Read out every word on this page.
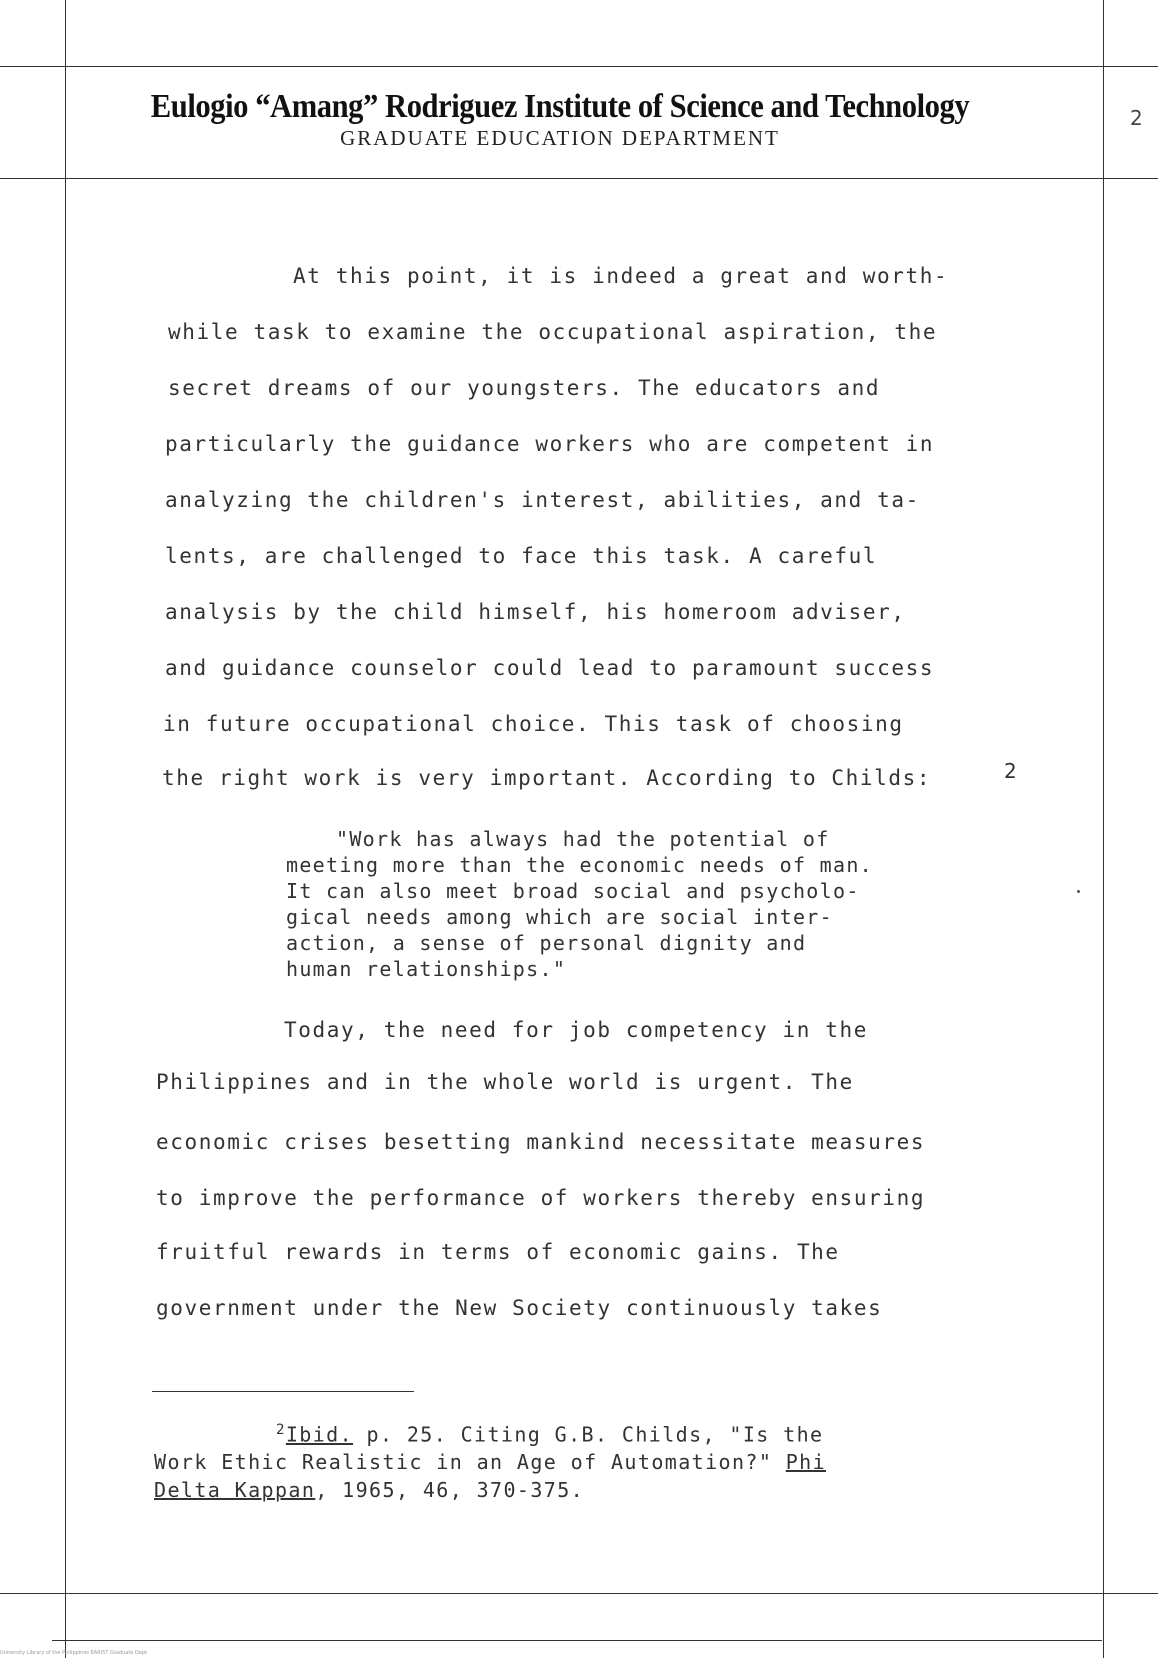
Eulogio “Amang” Rodriguez Institute of Science and Technology
GRADUATE EDUCATION DEPARTMENT
2
At this point, it is indeed a great and worth-
while task to examine the occupational aspiration, the
secret dreams of our youngsters. The educators and
particularly the guidance workers who are competent in
analyzing the children's interest, abilities, and ta-
lents, are challenged to face this task. A careful
analysis by the child himself, his homeroom adviser,
and guidance counselor could lead to paramount success
in future occupational choice. This task of choosing
the right work is very important. According to Childs:	2
"Work has always had the potential of
meeting more than the economic needs of man.
It can also meet broad social and psycholo-
gical needs among which are social inter-
action, a sense of personal dignity and
human relationships."
Today, the need for job competency in the
Philippines and in the whole world is urgent. The
economic crises besetting mankind necessitate measures
to improve the performance of workers thereby ensuring
fruitful rewards in terms of economic gains. The
government under the New Society continuously takes
$^2$Ibid. p. 25. Citing G.B. Childs, "Is the
Work Ethic Realistic in an Age of Automation?" Phi
Delta Kappan, 1965, 46, 370-375.
University Library of the Philippines EARIST Graduate Dept
